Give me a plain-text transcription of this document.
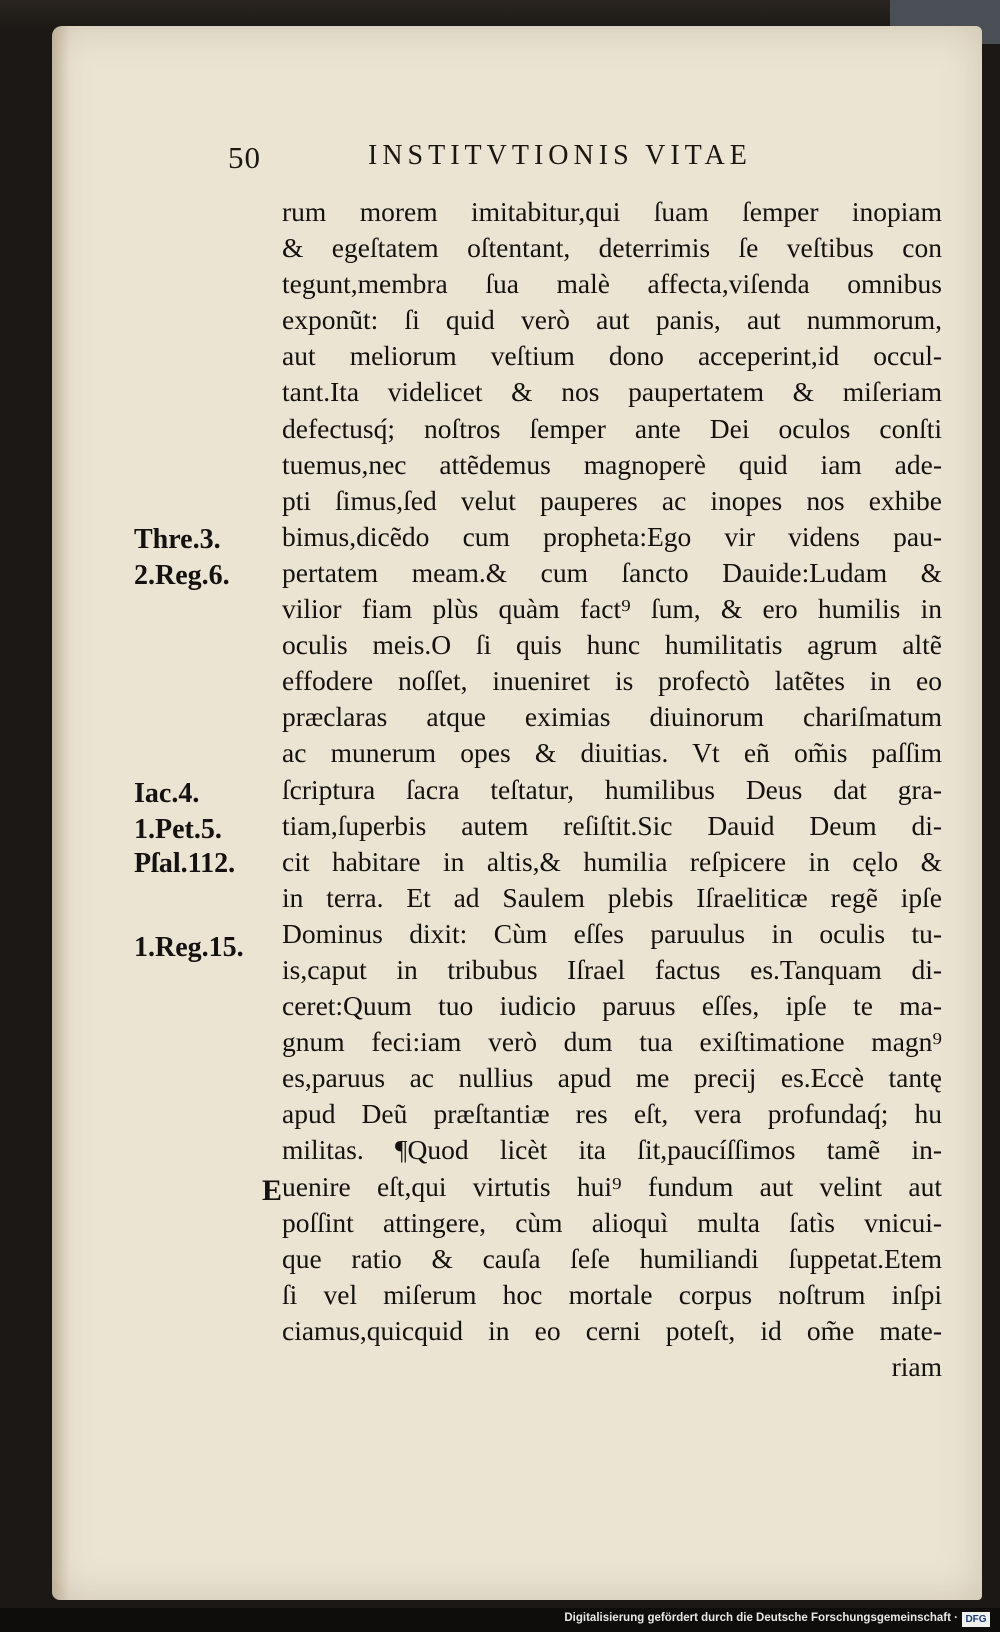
50	INSTITVTIONIS VITAE
rum morem imitabitur,qui ſuam ſemper inopiam
& egeſtatem oſtentant, deterrimis ſe veſtibus con
tegunt,membra ſua malè affecta,viſenda omnibus
exponũt: ſi quid verò aut panis, aut nummorum,
aut meliorum veſtium dono acceperint,id occul-
tant.Ita videlicet & nos paupertatem & miſeriam
defectusq́; noſtros ſemper ante Dei oculos conſti
tuemus,nec attẽdemus magnoperè quid iam ade-
pti ſimus,ſed velut pauperes ac inopes nos exhibe
bimus,dicẽdo cum propheta:Ego vir videns pau-
pertatem meam.& cum ſancto Dauide:Ludam &
vilior fiam plùs quàm fact⁹ ſum, & ero humilis in
oculis meis.O ſi quis hunc humilitatis agrum altẽ
effodere noſſet, inueniret is profectò latẽtes in eo
præclaras atque eximias diuinorum chariſmatum
ac munerum opes & diuitias. Vt eñ om̃is paſſim
ſcriptura ſacra teſtatur, humilibus Deus dat gra-
tiam,ſuperbis autem reſiſtit.Sic Dauid Deum di-
cit habitare in altis,& humilia reſpicere in cęlo &
in terra. Et ad Saulem plebis Iſraeliticæ regẽ ipſe
Dominus dixit: Cùm eſſes paruulus in oculis tu-
is,caput in tribubus Iſrael factus es.Tanquam di-
ceret:Quum tuo iudicio paruus eſſes, ipſe te ma-
gnum feci:iam verò dum tua exiſtimatione magn⁹
es,paruus ac nullius apud me precij es.Eccè tantę
apud Deũ præſtantiæ res eſt, vera profundaq́; hu
militas. ¶Quod licèt ita ſit,paucíſſimos tamẽ in-
uenire eſt,qui virtutis hui⁹ fundum aut velint aut
poſſint attingere, cùm alioquì multa ſatìs vnicui-
que ratio & cauſa ſeſe humiliandi ſuppetat.Etem
ſi vel miſerum hoc mortale corpus noſtrum inſpi
ciamus,quicquid in eo cerni poteſt, id om̃e mate-
riam
Thre.3.
2.Reg.6.
Iac.4.
1.Pet.5.
Pſal.112.
1.Reg.15.
E
Digitalisierung gefördert durch die Deutsche Forschungsgemeinschaft · DFG
